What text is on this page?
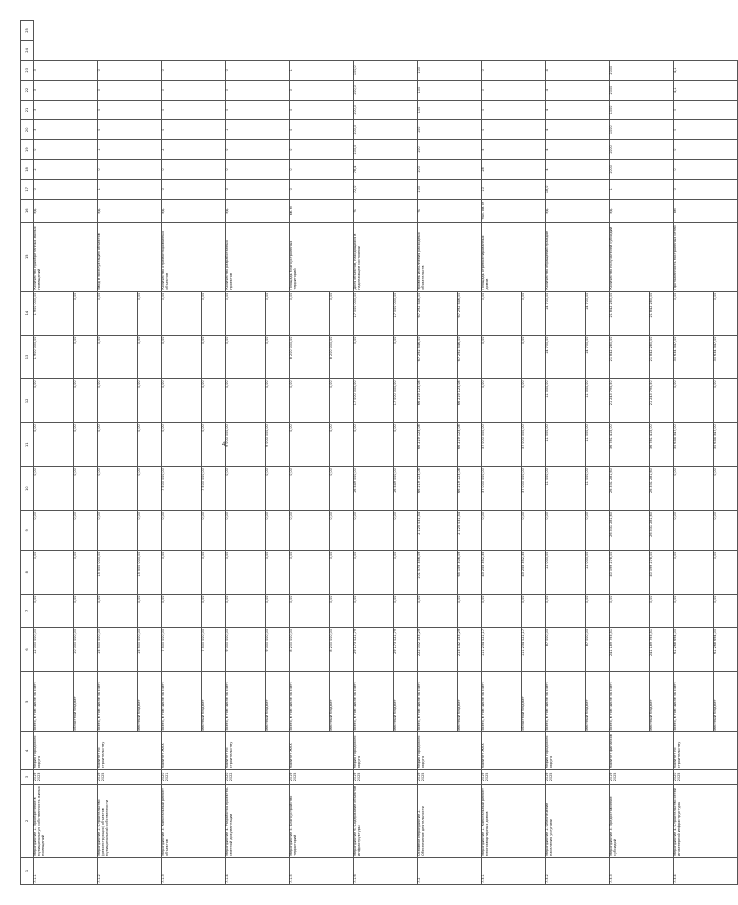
4
1	2	3	4	5	6	7	8	9	10	11	12	13	14	15	16	17	18	19	20	21	22	23	24	25
7.1.1	Мероприятие 1. Приобретение в муниципальную собственность жилых помещений	2019 2023	Мэрия городского округа	Всего, в том числе за счет:	12 000 000,00	0,00	0,00	0,00	0,00	0,00	0,00	1 900 000,00	1 900 000,00	Количество приобретенных жилых помещений	ед.	0	2	0	3	3	3	3		
				областной бюджет	10 000 000,00	0,00	0,00	0,00	0,00	0,00	0,00	0,00	0,00											
7.1.2	Мероприятие 2. Строительство (реконструкция) объектов муниципальной собственности	2019 2025	Комитет по строительству	Всего, в том числе за счет:	15 500 000,00	0,00	15 500 000,00	0,00	0,00	0,00	0,00	0,00	0,00	Ввод в эксплуатацию объектов	ед.	1	0	1	0	0	0	0		
				местный бюджет	15 500 000,00	0,00	15 500 000,00	0,00	0,00	0,00	0,00	0,00	0,00											
7.1.3	Мероприятие 3. Капитальный ремонт объектов	2020 2021	Комитет ЖКХ	Всего, в том числе за счет:	7 500 000,00	0,00	0,00	0,00	7 500 000,00	0,00	0,00	0,00	0,00	Количество отремонтированных объектов	ед.	0	0	2	0	0	0	0		
				местный бюджет	7 500 000,00	0,00	0,00	0,00	7 500 000,00	0,00	0,00	0,00	0,00											
7.1.4	Мероприятие 4. Разработка проектно-сметной документации	2020 2022	Комитет по строительству	Всего, в том числе за счет:	9 000 000,00	0,00	0,00	0,00	0,00	9 000 000,00	0,00	0,00	0,00	Количество разработанных проектов	ед.	0	0	0	1	0	0	0		
				местный бюджет	9 000 000,00	0,00	0,00	0,00	0,00	9 000 000,00	0,00	0,00	0,00											
7.1.5	Мероприятие 5. Благоустройство территорий	2019 2025	Комитет ЖКХ	Всего, в том числе за счет:	8 200 000,00	0,00	0,00	0,00	0,00	0,00	0,00	8 200 000,00	0,00	Площадь благоустроенных территорий	кв. м	0	0	0	0	0	0	1		
				местный бюджет	8 200 000,00	0,00	0,00	0,00	0,00	0,00	0,00	8 200 000,00	0,00											
7.1.6	Мероприятие 6. Содержание объектов инфраструктуры	2019 2025	Мэрия городского округа	Всего, в том числе за счет:	29 173 021,79	0,00	0,00	0,00	16 549 000,00	0,00	17 000 000,00	0,00	17 000 000,00	Доля объектов, находящихся в надлежащем состоянии	%	72,0	78,4	100,0	100,0	100,0	100,0	100,0		
				местный бюджет	29 173 021,79	0,00	0,00	0,00	16 549 000,00	0,00	17 000 000,00	0,00	17 000 000,00											
7.2	Основное мероприятие 2. Обеспечение деятельности	2019 2025	Мэрия городского округа	Всего, в том числе за счет:	222 002 153,29	0,00	101 575 356,09	2 125 031,54	66 219 123,08	66 219 123,08	66 219 123,08	67 292 546,00	67 292 546,00	Уровень исполнения расходных обязательств	%	100	100	100	100	100	100	100		
				местный бюджет	213 142 153,29	0,00	65 159 306,09	2 125 031,54	66 219 123,08	66 219 123,08	66 219 123,08	67 292 546,00	67 292 546,00											
7.3.1	Мероприятие 1. Капитальный ремонт многоквартирных домов	2019 2025	Комитет ЖКХ	Всего, в том числе за счет:	111 234 021,17	0,00	43 255 352,35	0,00	37 000 000,00	37 000 000,00	0,00	0,00	0,00	Площадь отремонтированных домов	тыс. кв. м	10	28	5	0	0	0	0		
				областной бюджет	111 234 021,17	0,00	43 255 352,35	0,00	37 000 000,00	37 000 000,00	0,00	0,00	0,00											
7.3.2	Мероприятие 2. Обеспечение населения услугами	2019 2025	Мэрия городского округа	Всего, в том числе за счет:	87 000,00	0,00	11 000,00	0,00	11 000,00	11 000,00	11 000,00	14 700,00	14 700,00	Количество обращений граждан	ед.	18,0	4	4	4	4	4	4		
				местный бюджет	87 000,00	0,00	11 000,00	0,00	11 000,00	11 000,00	11 000,00	14 700,00	14 700,00											
7.3.3	Мероприятие 3. Предоставление субсидий	2019 2025	Комитет финансов	Всего, в том числе за счет:	241 189 793,51	0,00	40 099 278,00	26 331 281,60	26 331 281,60	36 781 415,00	21 243 795,50	21 842 280,00	21 842 280,00	Количество получателей субсидий	ед.	1	1000	1000	1000	1000	2000	2000		
				местный бюджет	241 189 793,51	0,00	40 099 278,00	26 331 281,60	26 331 281,60	36 781 415,00	21 243 795,50	21 842 280,00	21 842 280,00											
7.3.4	Мероприятие 4. Строительство сетей инженерной инфраструктуры	2020 2025	Комитет по строительству	Всего, в том числе за счет:	61 268 694,00	0,00	0,00	0,00	0,00	30 634 347,00	0,00	30 634 347,00	0,00	Протяженность построенных сетей	км	0	0	0	0	0	4,1	4,1		
				местный бюджет	61 268 694,00	0,00	0,00	0,00	0,00	30 634 347,00	0,00	30 634 347,00	0,00											
